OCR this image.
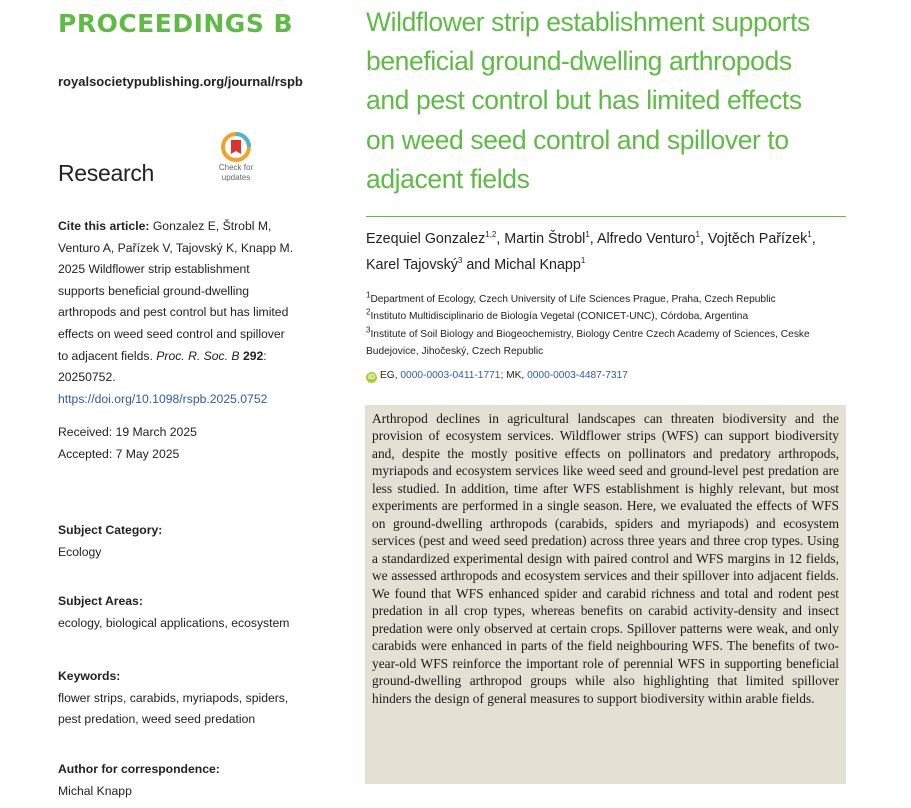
PROCEEDINGS B
royalsocietypublishing.org/journal/rspb
Research	Check for
updates
Cite this article: Gonzalez E, Štrobl M, Venturo A, Pařízek V, Tajovský K, Knapp M. 2025 Wildflower strip establishment supports beneficial ground-dwelling arthropods and pest control but has limited effects on weed seed control and spillover to adjacent fields. Proc. R. Soc. B 292: 20250752.
https://doi.org/10.1098/rspb.2025.0752
Received: 19 March 2025
Accepted: 7 May 2025
Subject Category:
Ecology
Subject Areas:
ecology, biological applications, ecosystem
Keywords:
flower strips, carabids, myriapods, spiders, pest predation, weed seed predation
Author for correspondence:
Michal Knapp
Wildflower strip establishment supports beneficial ground-dwelling arthropods and pest control but has limited effects on weed seed control and spillover to adjacent fields
Ezequiel Gonzalez$^{1,2}$, Martin Štrobl$^1$, Alfredo Venturo$^1$, Vojtěch Pařízek$^1$, Karel Tajovský$^3$ and Michal Knapp$^1$
$^1$Department of Ecology, Czech University of Life Sciences Prague, Praha, Czech Republic
$^2$Instituto Multidisciplinario de Biología Vegetal (CONICET-UNC), Córdoba, Argentina
$^3$Institute of Soil Biology and Biogeochemistry, Biology Centre Czech Academy of Sciences, Ceske Budejovice, Jihočeský, Czech Republic
iD EG, 0000-0003-0411-1771; MK, 0000-0003-4487-7317
Arthropod declines in agricultural landscapes can threaten biodiversity and the provision of ecosystem services. Wildflower strips (WFS) can support biodiversity and, despite the mostly positive effects on pollinators and predatory arthropods, myriapods and ecosystem services like weed seed and ground-level pest predation are less studied. In addition, time after WFS establishment is highly relevant, but most experiments are performed in a single season. Here, we evaluated the effects of WFS on ground-dwelling arthropods (carabids, spiders and myriapods) and ecosystem services (pest and weed seed predation) across three years and three crop types. Using a standardized experimental design with paired control and WFS margins in 12 fields, we assessed arthropods and ecosystem services and their spillover into adjacent fields. We found that WFS enhanced spider and carabid richness and total and rodent pest predation in all crop types, whereas benefits on carabid activity-density and insect predation were only observed at certain crops. Spillover patterns were weak, and only carabids were enhanced in parts of the field neighbouring WFS. The benefits of two-year-old WFS reinforce the important role of perennial WFS in supporting beneficial ground-dwelling arthropod groups while also highlighting that limited spillover hinders the design of general measures to support biodiversity within arable fields.
